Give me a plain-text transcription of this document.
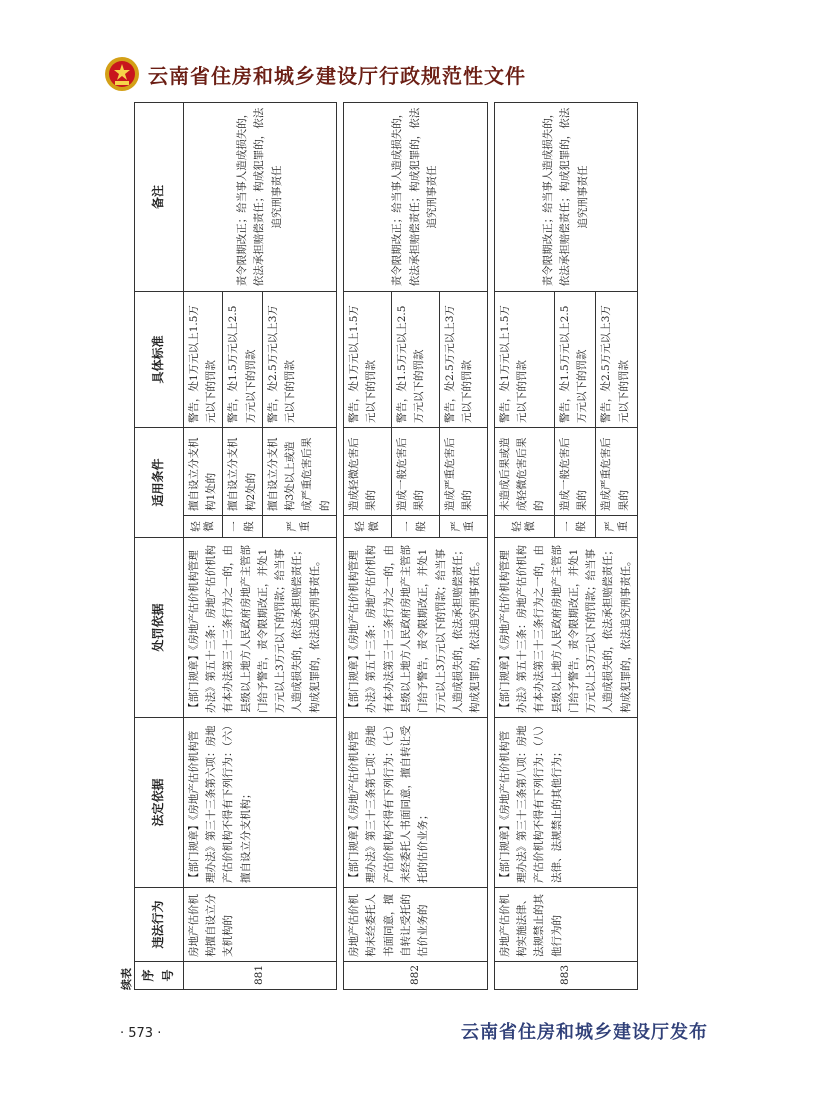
云南省住房和城乡建设厅行政规范性文件
续表 序号	违法行为	法定依据	处罚依据	适用条件		具体标准	备注
881	房地产估价机构擅自设立分支机构的	【部门规章】《房地产估价机构管理办法》第三十三条第六项：房地产估价机构不得有下列行为：（六）擅自设立分支机构；	【部门规章】《房地产估价机构管理办法》第五十三条：房地产估价机构有本办法第三十三条行为之一的，由县级以上地方人民政府房地产主管部门给予警告，责令限期改正，并处1万元以上3万元以下的罚款；给当事人造成损失的，依法承担赔偿责任；构成犯罪的，依法追究刑事责任。	轻微	擅自设立分支机构1处的	警告，处1万元以上1.5万元以下的罚款	责令限期改正；给当事人造成损失的，依法承担赔偿责任；构成犯罪的，依法追究刑事责任
				一般	擅自设立分支机构2处的	警告，处1.5万元以上2.5万元以下的罚款	
				严重	擅自设立分支机构3处以上或造成严重危害后果的	警告，处2.5万元以上3万元以下的罚款	

882	房地产估价机构未经委托人书面同意，擅自转让受托的估价业务的	【部门规章】《房地产估价机构管理办法》第三十三条第七项：房地产估价机构不得有下列行为：（七）未经委托人书面同意，擅自转让受托的估价业务；	【部门规章】《房地产估价机构管理办法》第五十三条：房地产估价机构有本办法第三十三条行为之一的，由县级以上地方人民政府房地产主管部门给予警告，责令限期改正，并处1万元以上3万元以下的罚款；给当事人造成损失的，依法承担赔偿责任；构成犯罪的，依法追究刑事责任。	轻微	造成轻微危害后果的	警告，处1万元以上1.5万元以下的罚款	责令限期改正；给当事人造成损失的，依法承担赔偿责任；构成犯罪的，依法追究刑事责任
				一般	造成一般危害后果的	警告，处1.5万元以上2.5万元以下的罚款	
				严重	造成严重危害后果的	警告，处2.5万元以上3万元以下的罚款	

883	房地产估价机构实施法律、法规禁止的其他行为的	【部门规章】《房地产估价机构管理办法》第三十三条第八项：房地产估价机构不得有下列行为：（八）法律、法规禁止的其他行为；	【部门规章】《房地产估价机构管理办法》第五十三条：房地产估价机构有本办法第三十三条行为之一的，由县级以上地方人民政府房地产主管部门给予警告，责令限期改正，并处1万元以上3万元以下的罚款；给当事人造成损失的，依法承担赔偿责任；构成犯罪的，依法追究刑事责任。	轻微	未造成后果或造成轻微危害后果的	警告，处1万元以上1.5万元以下的罚款	责令限期改正；给当事人造成损失的，依法承担赔偿责任；构成犯罪的，依法追究刑事责任
				一般	造成一般危害后果的	警告，处1.5万元以上2.5万元以下的罚款	
				严重	造成严重危害后果的	警告，处2.5万元以上3万元以下的罚款	
· 573 ·	云南省住房和城乡建设厅发布
